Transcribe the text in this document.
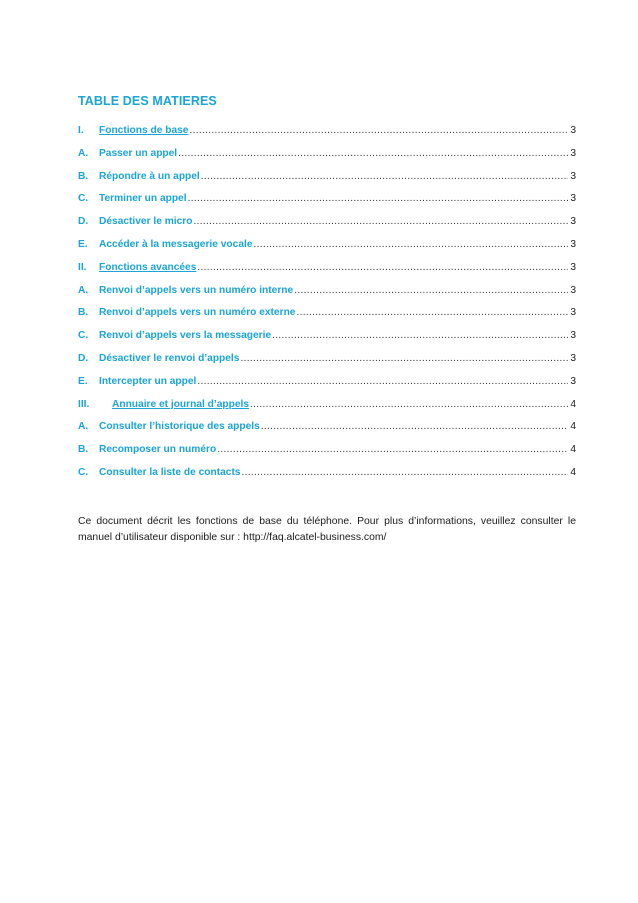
TABLE DES MATIERES
I.	Fonctions de base .....	3
A.	Passer un appel .....	3
B.	Répondre à un appel .....	3
C.	Terminer un appel .....	3
D.	Désactiver le micro .....	3
E.	Accéder à la messagerie vocale .....	3
II.	Fonctions avancées .....	3
A.	Renvoi d’appels vers un numéro interne .....	3
B.	Renvoi d’appels vers un numéro externe .....	3
C.	Renvoi d’appels vers la messagerie .....	3
D.	Désactiver le renvoi d’appels .....	3
E.	Intercepter un appel .....	3
III.	Annuaire et journal d’appels .....	4
A.	Consulter l’historique des appels .....	4
B.	Recomposer un numéro .....	4
C.	Consulter la liste de contacts .....	4

Ce document décrit les fonctions de base du téléphone. Pour plus d’informations, veuillez consulter le manuel d’utilisateur disponible sur : http://faq.alcatel-business.com/
